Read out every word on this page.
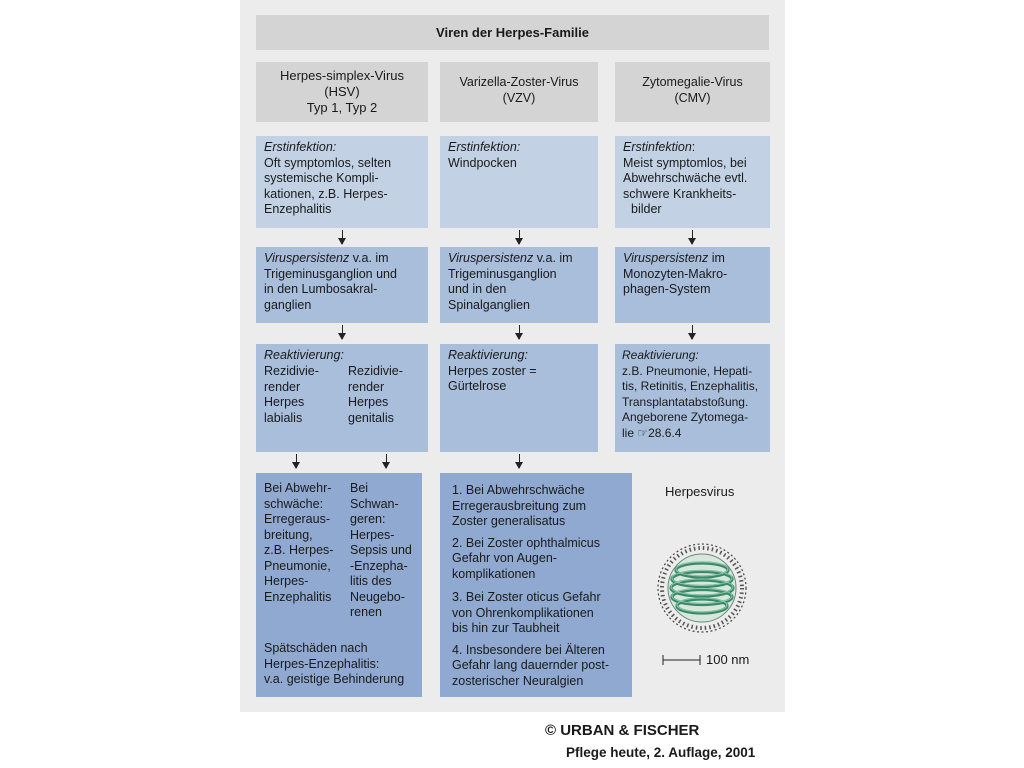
Viren der Herpes-Familie
Herpes-simplex-Virus
(HSV)
Typ 1, Typ 2
Varizella-Zoster-Virus
(VZV)
Zytomegalie-Virus
(CMV)
Erstinfektion:
Oft symptomlos, selten
systemische Kompli-
kationen, z.B. Herpes-
Enzephalitis
Erstinfektion:
Windpocken
Erstinfektion:
Meist symptomlos, bei
Abwehrschwäche evtl.
schwere Krankheits-
bilder
Viruspersistenz v.a. im
Trigeminusganglion und
in den Lumbosakral-
ganglien
Viruspersistenz v.a. im
Trigeminusganglion
und in den
Spinalganglien
Viruspersistenz im
Monozyten-Makro-
phagen-System
Reaktivierung:
Rezidivie-
render
Herpes
labialis
Rezidivie-
render
Herpes
genitalis
Reaktivierung:
Herpes zoster =
Gürtelrose
Reaktivierung:
z.B. Pneumonie, Hepati-
tis, Retinitis, Enzephalitis,
Transplantatabstoßung.
Angeborene Zytomega-
lie ☞28.6.4
Bei Abwehr-
schwäche:
Erregeraus-
breitung,
z.B. Herpes-
Pneumonie,
Herpes-
Enzephalitis
Bei
Schwan-
geren:
Herpes-
Sepsis und
-Enzepha-
litis des
Neugebo-
renen
Spätschäden nach
Herpes-Enzephalitis:
v.a. geistige Behinderung
1. Bei Abwehrschwäche
Erregerausbreitung zum
Zoster generalisatus
2. Bei Zoster ophthalmicus
Gefahr von Augen-
komplikationen
3. Bei Zoster oticus Gefahr
von Ohrenkomplikationen
bis hin zur Taubheit
4. Insbesondere bei Älteren
Gefahr lang dauernder post-
zosterischer Neuralgien
Herpesvirus
100 nm
© URBAN & FISCHER
Pflege heute, 2. Auflage, 2001
